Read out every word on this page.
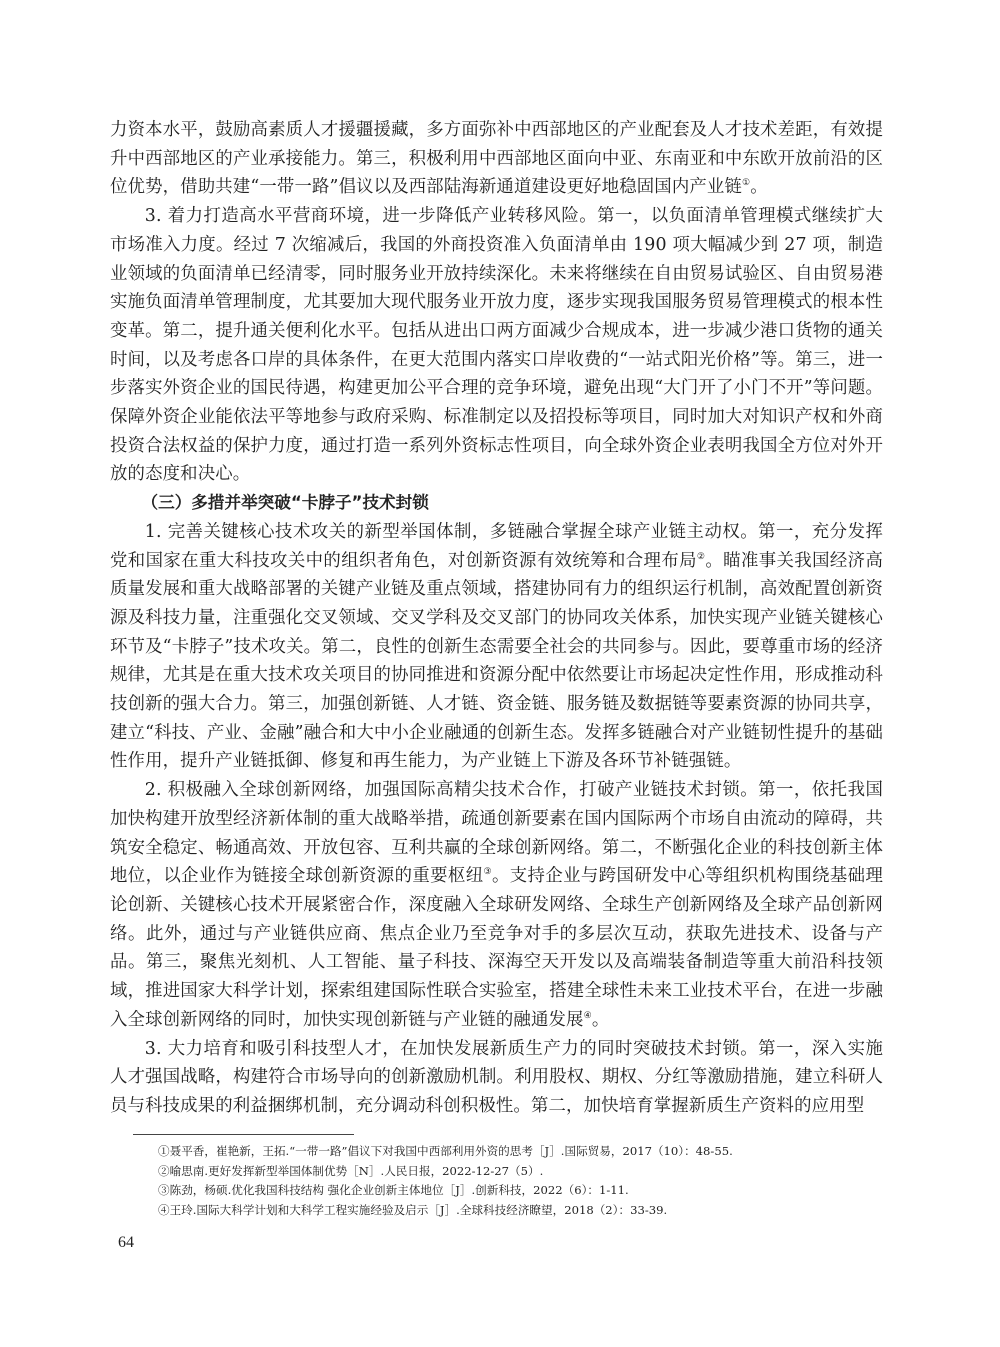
力资本水平，鼓励高素质人才援疆援藏，多方面弥补中西部地区的产业配套及人才技术差距，有效提升中西部地区的产业承接能力。第三，积极利用中西部地区面向中亚、东南亚和中东欧开放前沿的区位优势，借助共建“一带一路”倡议以及西部陆海新通道建设更好地稳固国内产业链①。

3. 着力打造高水平营商环境，进一步降低产业转移风险。第一，以负面清单管理模式继续扩大市场准入力度。经过 7 次缩减后，我国的外商投资准入负面清单由 190 项大幅减少到 27 项，制造业领域的负面清单已经清零，同时服务业开放持续深化。未来将继续在自由贸易试验区、自由贸易港实施负面清单管理制度，尤其要加大现代服务业开放力度，逐步实现我国服务贸易管理模式的根本性变革。第二，提升通关便利化水平。包括从进出口两方面减少合规成本，进一步减少港口货物的通关时间，以及考虑各口岸的具体条件，在更大范围内落实口岸收费的“一站式阳光价格”等。第三，进一步落实外资企业的国民待遇，构建更加公平合理的竞争环境，避免出现“大门开了小门不开”等问题。保障外资企业能依法平等地参与政府采购、标准制定以及招投标等项目，同时加大对知识产权和外商投资合法权益的保护力度，通过打造一系列外资标志性项目，向全球外资企业表明我国全方位对外开放的态度和决心。

（三）多措并举突破“卡脖子”技术封锁

1. 完善关键核心技术攻关的新型举国体制，多链融合掌握全球产业链主动权。第一，充分发挥党和国家在重大科技攻关中的组织者角色，对创新资源有效统筹和合理布局②。瞄准事关我国经济高质量发展和重大战略部署的关键产业链及重点领域，搭建协同有力的组织运行机制，高效配置创新资源及科技力量，注重强化交叉领域、交叉学科及交叉部门的协同攻关体系，加快实现产业链关键核心环节及“卡脖子”技术攻关。第二，良性的创新生态需要全社会的共同参与。因此，要尊重市场的经济规律，尤其是在重大技术攻关项目的协同推进和资源分配中依然要让市场起决定性作用，形成推动科技创新的强大合力。第三，加强创新链、人才链、资金链、服务链及数据链等要素资源的协同共享，建立“科技、产业、金融”融合和大中小企业融通的创新生态。发挥多链融合对产业链韧性提升的基础性作用，提升产业链抵御、修复和再生能力，为产业链上下游及各环节补链强链。

2. 积极融入全球创新网络，加强国际高精尖技术合作，打破产业链技术封锁。第一，依托我国加快构建开放型经济新体制的重大战略举措，疏通创新要素在国内国际两个市场自由流动的障碍，共筑安全稳定、畅通高效、开放包容、互利共赢的全球创新网络。第二，不断强化企业的科技创新主体地位，以企业作为链接全球创新资源的重要枢纽③。支持企业与跨国研发中心等组织机构围绕基础理论创新、关键核心技术开展紧密合作，深度融入全球研发网络、全球生产创新网络及全球产品创新网络。此外，通过与产业链供应商、焦点企业乃至竞争对手的多层次互动，获取先进技术、设备与产品。第三，聚焦光刻机、人工智能、量子科技、深海空天开发以及高端装备制造等重大前沿科技领域，推进国家大科学计划，探索组建国际性联合实验室，搭建全球性未来工业技术平台，在进一步融入全球创新网络的同时，加快实现创新链与产业链的融通发展④。

3. 大力培育和吸引科技型人才，在加快发展新质生产力的同时突破技术封锁。第一，深入实施人才强国战略，构建符合市场导向的创新激励机制。利用股权、期权、分红等激励措施，建立科研人员与科技成果的利益捆绑机制，充分调动科创积极性。第二，加快培育掌握新质生产资料的应用型

①聂平香，崔艳新，王拓.“一带一路”倡议下对我国中西部利用外资的思考［J］.国际贸易，2017（10）：48-55.

②喻思南.更好发挥新型举国体制优势［N］.人民日报，2022-12-27（5）.

③陈劲，杨硕.优化我国科技结构 强化企业创新主体地位［J］.创新科技，2022（6）：1-11.

④王玲.国际大科学计划和大科学工程实施经验及启示［J］.全球科技经济瞭望，2018（2）：33-39.

64
